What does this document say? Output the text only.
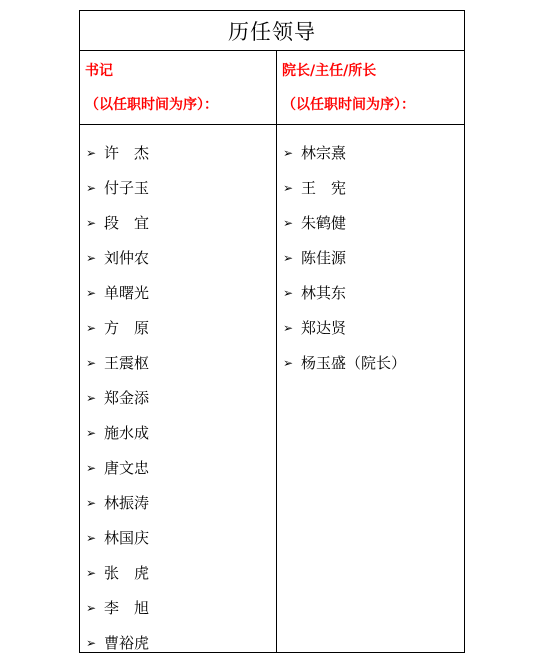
历任领导
书记
（以任职时间为序）：
院长/主任/所长
（以任职时间为序）：
➢ 许　杰
➢ 付子玉
➢ 段　宜
➢ 刘仲农
➢ 单曙光
➢ 方　原
➢ 王震枢
➢ 郑金添
➢ 施水成
➢ 唐文忠
➢ 林振涛
➢ 林国庆
➢ 张　虎
➢ 李　旭
➢ 曹裕虎
➢ 林宗熹
➢ 王　宪
➢ 朱鹤健
➢ 陈佳源
➢ 林其东
➢ 郑达贤
➢ 杨玉盛（院长）
